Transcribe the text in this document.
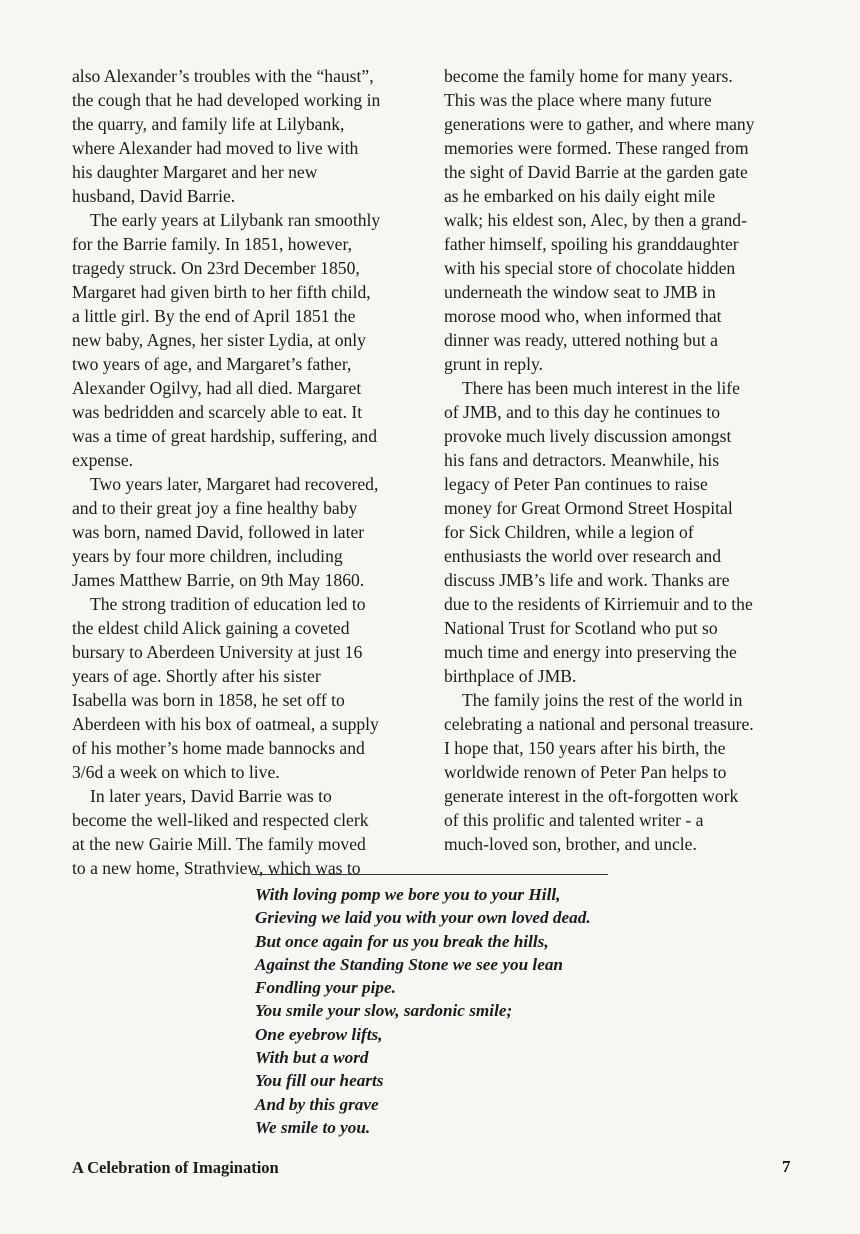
also Alexander’s troubles with the “haust”,
the cough that he had developed working in
the quarry, and family life at Lilybank,
where Alexander had moved to live with
his daughter Margaret and her new
husband, David Barrie.
The early years at Lilybank ran smoothly
for the Barrie family. In 1851, however,
tragedy struck. On 23rd December 1850,
Margaret had given birth to her fifth child,
a little girl. By the end of April 1851 the
new baby, Agnes, her sister Lydia, at only
two years of age, and Margaret’s father,
Alexander Ogilvy, had all died. Margaret
was bedridden and scarcely able to eat. It
was a time of great hardship, suffering, and
expense.
Two years later, Margaret had recovered,
and to their great joy a fine healthy baby
was born, named David, followed in later
years by four more children, including
James Matthew Barrie, on 9th May 1860.
The strong tradition of education led to
the eldest child Alick gaining a coveted
bursary to Aberdeen University at just 16
years of age. Shortly after his sister
Isabella was born in 1858, he set off to
Aberdeen with his box of oatmeal, a supply
of his mother’s home made bannocks and
3/6d a week on which to live.
In later years, David Barrie was to
become the well-liked and respected clerk
at the new Gairie Mill. The family moved
to a new home, Strathview, which was to
become the family home for many years.
This was the place where many future
generations were to gather, and where many
memories were formed. These ranged from
the sight of David Barrie at the garden gate
as he embarked on his daily eight mile
walk; his eldest son, Alec, by then a grand-
father himself, spoiling his granddaughter
with his special store of chocolate hidden
underneath the window seat to JMB in
morose mood who, when informed that
dinner was ready, uttered nothing but a
grunt in reply.
There has been much interest in the life
of JMB, and to this day he continues to
provoke much lively discussion amongst
his fans and detractors. Meanwhile, his
legacy of Peter Pan continues to raise
money for Great Ormond Street Hospital
for Sick Children, while a legion of
enthusiasts the world over research and
discuss JMB’s life and work. Thanks are
due to the residents of Kirriemuir and to the
National Trust for Scotland who put so
much time and energy into preserving the
birthplace of JMB.
The family joins the rest of the world in
celebrating a national and personal treasure.
I hope that, 150 years after his birth, the
worldwide renown of Peter Pan helps to
generate interest in the oft-forgotten work
of this prolific and talented writer - a
much-loved son, brother, and uncle.
With loving pomp we bore you to your Hill,
Grieving we laid you with your own loved dead.
But once again for us you break the hills,
Against the Standing Stone we see you lean
Fondling your pipe.
You smile your slow, sardonic smile;
One eyebrow lifts,
With but a word
You fill our hearts
And by this grave
We smile to you.
A Celebration of Imagination	7
